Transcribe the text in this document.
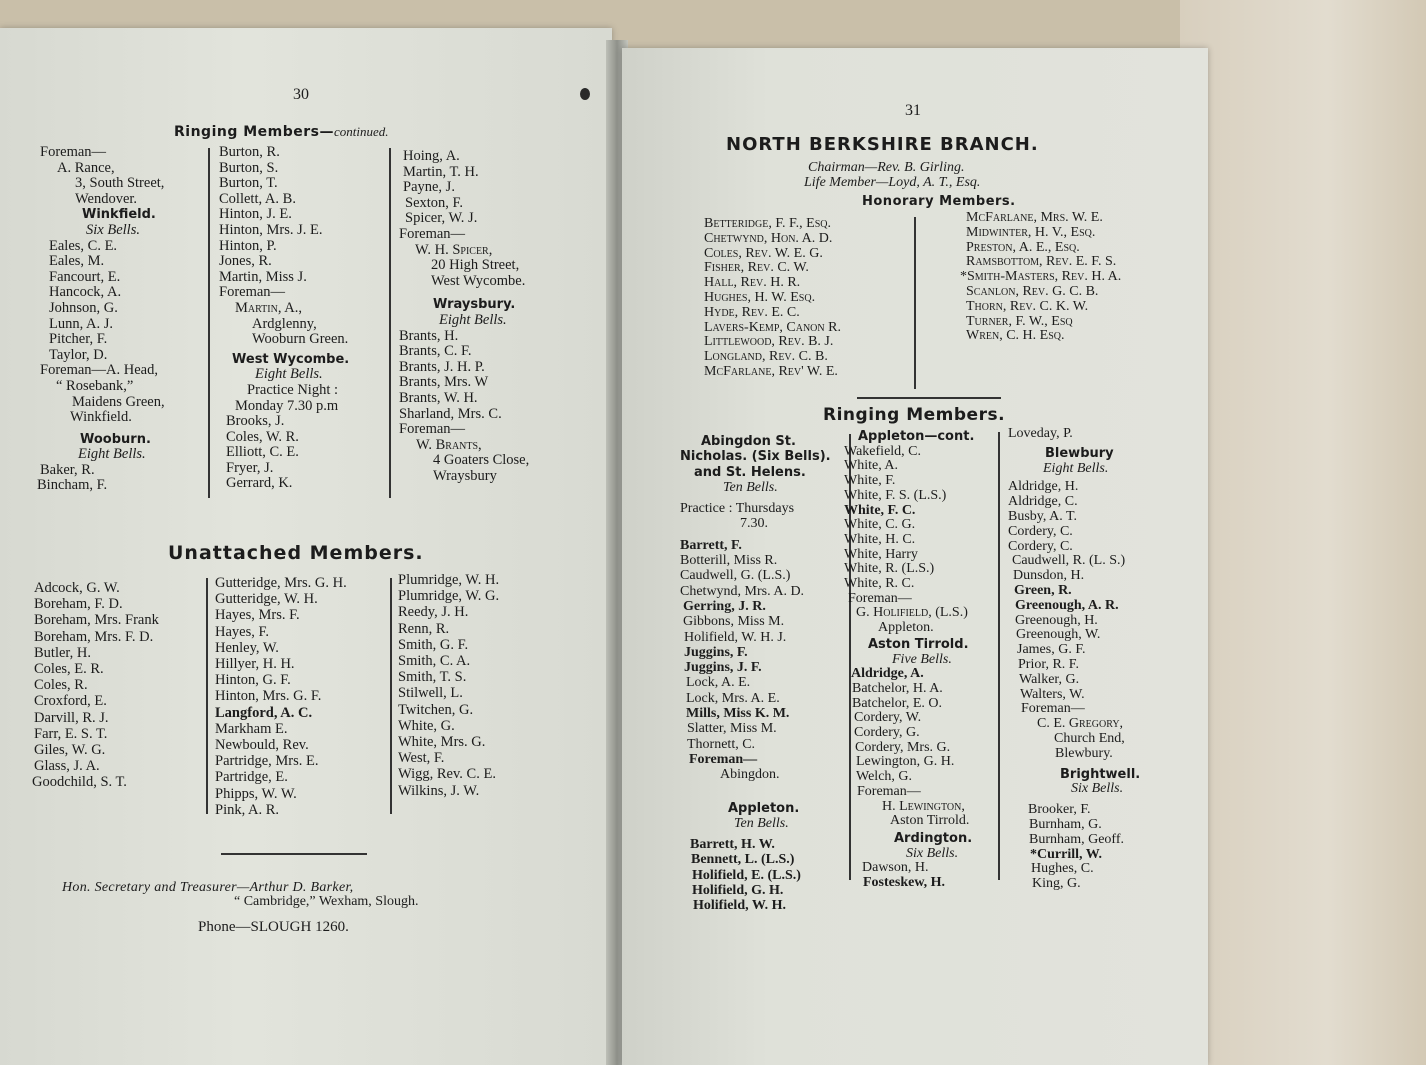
30
Ringing Members—continued.
Foreman—
A. Rance,
3, South Street,
Wendover.
Winkfield.
Six Bells.
Eales, C. E.
Eales, M.
Fancourt, E.
Hancock, A.
Johnson, G.
Lunn, A. J.
Pitcher, F.
Taylor, D.
Foreman—A. Head,
“ Rosebank,”
Maidens Green,
Winkfield.
Wooburn.
Eight Bells.
Baker, R.
Bincham, F.
Burton, R.
Burton, S.
Burton, T.
Collett, A. B.
Hinton, J. E.
Hinton, Mrs. J. E.
Hinton, P.
Jones, R.
Martin, Miss J.
Foreman—
Martin, A.,
Ardglenny,
Wooburn Green.
West Wycombe.
Eight Bells.
Practice Night :
Monday 7.30 p.m
Brooks, J.
Coles, W. R.
Elliott, C. E.
Fryer, J.
Gerrard, K.
Hoing, A.
Martin, T. H.
Payne, J.
Sexton, F.
Spicer, W. J.
Foreman—
W. H. Spicer,
20 High Street,
West Wycombe.
Wraysbury.
Eight Bells.
Brants, H.
Brants, C. F.
Brants, J. H. P.
Brants, Mrs. W
Brants, W. H.
Sharland, Mrs. C.
Foreman—
W. Brants,
4 Goaters Close,
Wraysbury
Unattached Members.
Adcock, G. W.
Boreham, F. D.
Boreham, Mrs. Frank
Boreham, Mrs. F. D.
Butler, H.
Coles, E. R.
Coles, R.
Croxford, E.
Darvill, R. J.
Farr, E. S. T.
Giles, W. G.
Glass, J. A.
Goodchild, S. T.
Gutteridge, Mrs. G. H.
Gutteridge, W. H.
Hayes, Mrs. F.
Hayes, F.
Henley, W.
Hillyer, H. H.
Hinton, G. F.
Hinton, Mrs. G. F.
Langford, A. C.
Markham E.
Newbould, Rev.
Partridge, Mrs. E.
Partridge, E.
Phipps, W. W.
Pink, A. R.
Plumridge, W. H.
Plumridge, W. G.
Reedy, J. H.
Renn, R.
Smith, G. F.
Smith, C. A.
Smith, T. S.
Stilwell, L.
Twitchen, G.
White, G.
White, Mrs. G.
West, F.
Wigg, Rev. C. E.
Wilkins, J. W.
Hon. Secretary and Treasurer—Arthur D. Barker,
“ Cambridge,” Wexham, Slough.
Phone—SLOUGH 1260.
31
NORTH BERKSHIRE BRANCH.
Chairman—Rev. B. Girling.
Life Member—Loyd, A. T., Esq.
Honorary Members.
Betteridge, F. F., Esq.
Chetwynd, Hon. A. D.
Coles, Rev. W. E. G.
Fisher, Rev. C. W.
Hall, Rev. H. R.
Hughes, H. W. Esq.
Hyde, Rev. E. C.
Lavers-Kemp, Canon R.
Littlewood, Rev. B. J.
Longland, Rev. C. B.
McFarlane, Rev' W. E.
McFarlane, Mrs. W. E.
Midwinter, H. V., Esq.
Preston, A. E., Esq.
Ramsbottom, Rev. E. F. S.
*Smith-Masters, Rev. H. A.
Scanlon, Rev. G. C. B.
Thorn, Rev. C. K. W.
Turner, F. W., Esq
Wren, C. H. Esq.
Ringing Members.
Abingdon St.
Nicholas. (Six Bells).
and St. Helens.
Ten Bells.
Practice : Thursdays
7.30.
Barrett, F.
Botterill, Miss R.
Caudwell, G. (L.S.)
Chetwynd, Mrs. A. D.
Gerring, J. R.
Gibbons, Miss M.
Holifield, W. H. J.
Juggins, F.
Juggins, J. F.
Lock, A. E.
Lock, Mrs. A. E.
Mills, Miss K. M.
Slatter, Miss M.
Thornett, C.
Foreman—
Abingdon.
Appleton.
Ten Bells.
Barrett, H. W.
Bennett, L. (L.S.)
Holifield, E. (L.S.)
Holifield, G. H.
Holifield, W. H.
Appleton—cont.
Wakefield, C.
White, A.
White, F.
White, F. S. (L.S.)
White, F. C.
White, C. G.
White, H. C.
White, Harry
White, R. (L.S.)
White, R. C.
Foreman—
G. Holifield, (L.S.)
Appleton.
Aston Tirrold.
Five Bells.
Aldridge, A.
Batchelor, H. A.
Batchelor, E. O.
Cordery, W.
Cordery, G.
Cordery, Mrs. G.
Lewington, G. H.
Welch, G.
Foreman—
H. Lewington,
Aston Tirrold.
Ardington.
Six Bells.
Dawson, H.
Fosteskew, H.
Loveday, P.
Blewbury
Eight Bells.
Aldridge, H.
Aldridge, C.
Busby, A. T.
Cordery, C.
Cordery, C.
Caudwell, R. (L. S.)
Dunsdon, H.
Green, R.
Greenough, A. R.
Greenough, H.
Greenough, W.
James, G. F.
Prior, R. F.
Walker, G.
Walters, W.
Foreman—
C. E. Gregory,
Church End,
Blewbury.
Brightwell.
Six Bells.
Brooker, F.
Burnham, G.
Burnham, Geoff.
*Currill, W.
Hughes, C.
King, G.
